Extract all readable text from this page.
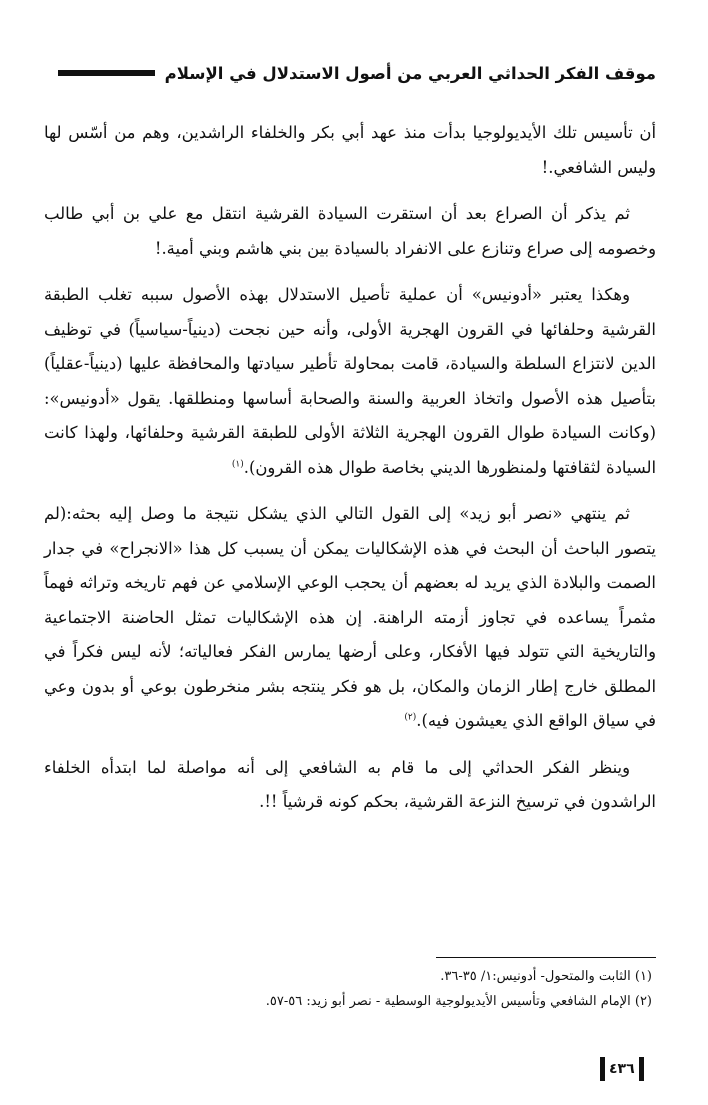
موقف الفكر الحداثي العربي من أصول الاستدلال في الإسلام

أن تأسيس تلك الأيديولوجيا بدأت منذ عهد أبي بكر والخلفاء الراشدين، وهم من أسّس لها وليس الشافعي.!

ثم يذكر أن الصراع بعد أن استقرت السيادة القرشية انتقل مع علي بن أبي طالب وخصومه إلى صراع وتنازع على الانفراد بالسيادة بين بني هاشم وبني أمية.!

وهكذا يعتبر «أدونيس» أن عملية تأصيل الاستدلال بهذه الأصول سببه تغلب الطبقة القرشية وحلفائها في القرون الهجرية الأولى، وأنه حين نجحت (دينياً-سياسياً) في توظيف الدين لانتزاع السلطة والسيادة، قامت بمحاولة تأطير سيادتها والمحافظة عليها (دينياً-عقلياً) بتأصيل هذه الأصول واتخاذ العربية والسنة والصحابة أساسها ومنطلقها. يقول «أدونيس»: (وكانت السيادة طوال القرون الهجرية الثلاثة الأولى للطبقة القرشية وحلفائها، ولهذا كانت السيادة لثقافتها ولمنظورها الديني بخاصة طوال هذه القرون).$^{(١)}$

ثم ينتهي «نصر أبو زيد» إلى القول التالي الذي يشكل نتيجة ما وصل إليه بحثه:(لم يتصور الباحث أن البحث في هذه الإشكاليات يمكن أن يسبب كل هذا «الانجراح» في جدار الصمت والبلادة الذي يريد له بعضهم أن يحجب الوعي الإسلامي عن فهم تاريخه وتراثه فهماً مثمراً يساعده في تجاوز أزمته الراهنة. إن هذه الإشكاليات تمثل الحاضنة الاجتماعية والتاريخية التي تتولد فيها الأفكار، وعلى أرضها يمارس الفكر فعالياته؛ لأنه ليس فكراً في المطلق خارج إطار الزمان والمكان، بل هو فكر ينتجه بشر منخرطون بوعي أو بدون وعي في سياق الواقع الذي يعيشون فيه).$^{(٢)}$

وينظر الفكر الحداثي إلى ما قام به الشافعي إلى أنه مواصلة لما ابتدأه الخلفاء الراشدون في ترسيخ النزعة القرشية، بحكم كونه قرشياً !!.

(١) الثابت والمتحول- أدونيس:١/ ٣٥-٣٦.

(٢) الإمام الشافعي وتأسيس الأيديولوجية الوسطية - نصر أبو زيد: ٥٦-٥٧.

٤٣٦
